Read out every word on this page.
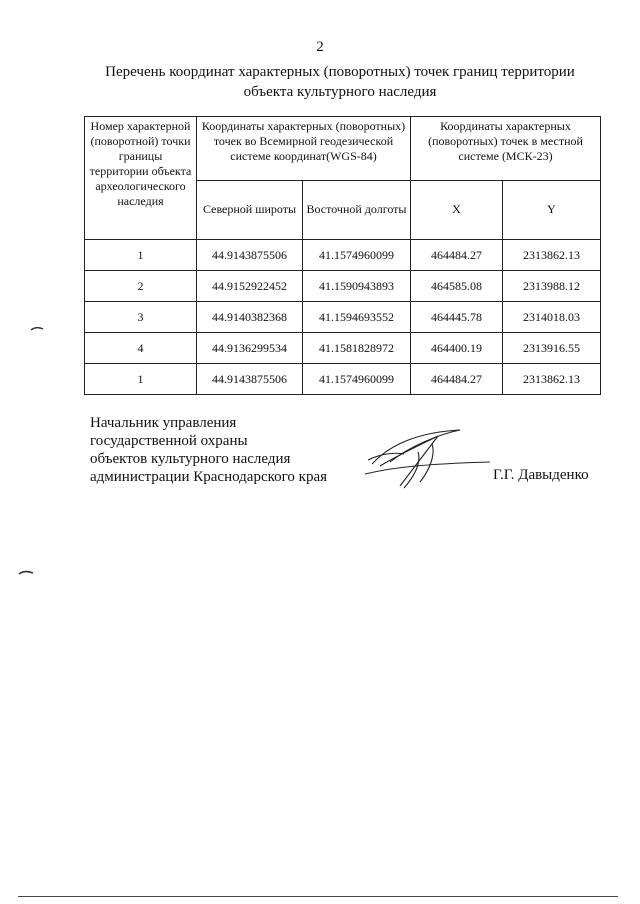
2
Перечень координат характерных (поворотных) точек границ территории
объекта культурного наследия
Номер характерной (поворотной) точки границы территории объекта археологического наследия	Координаты характерных (поворотных) точек во Всемирной геодезической системе координат(WGS-84)		Координаты характерных (поворотных) точек в местной системе (МСК-23)	
	Северной широты	Восточной долготы	X	Y
1	44.9143875506	41.1574960099	464484.27	2313862.13
2	44.9152922452	41.1590943893	464585.08	2313988.12
3	44.9140382368	41.1594693552	464445.78	2314018.03
4	44.9136299534	41.1581828972	464400.19	2313916.55
1	44.9143875506	41.1574960099	464484.27	2313862.13
Начальник управления
государственной охраны
объектов культурного наследия
администрации Краснодарского края	Г.Г. Давыденко
